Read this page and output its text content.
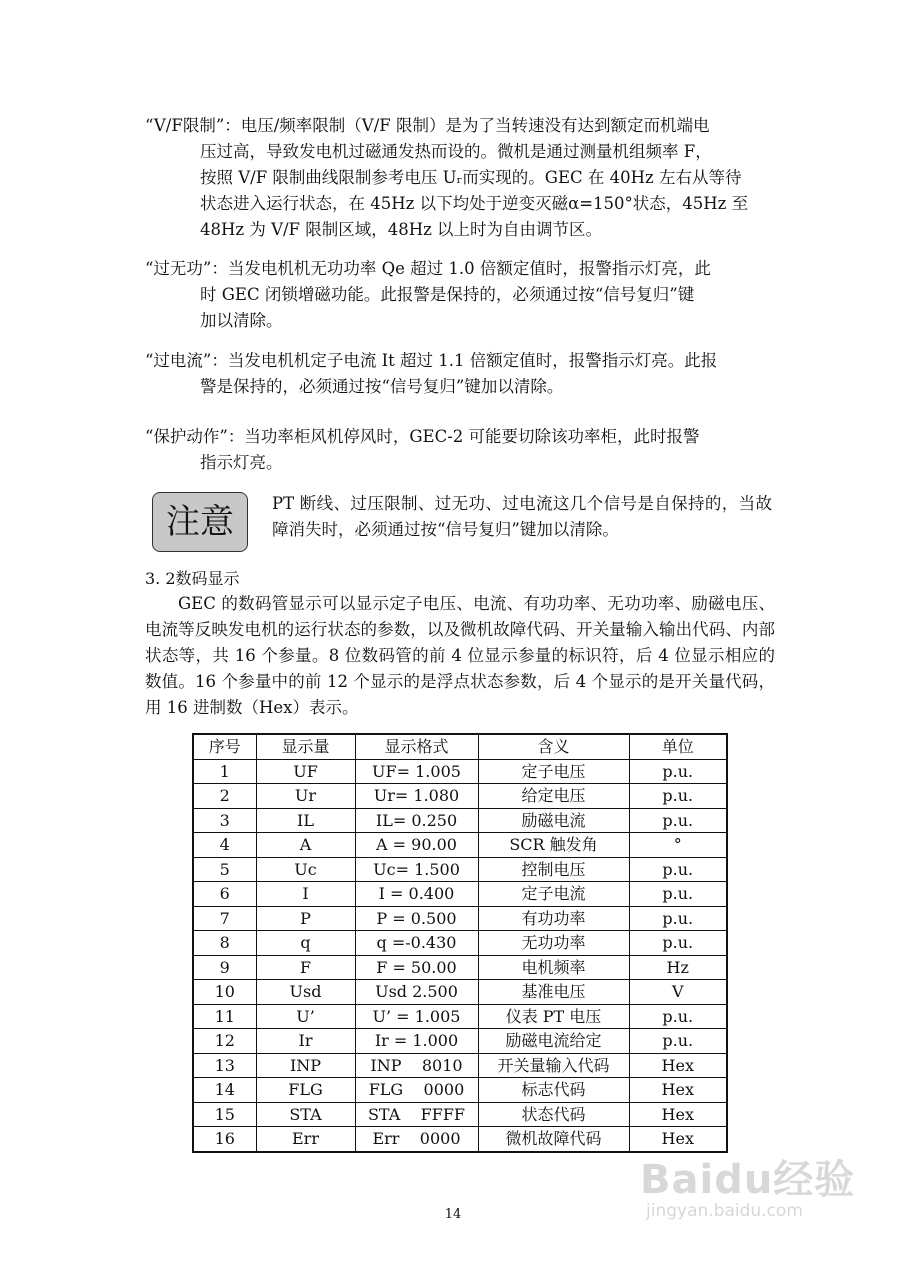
“V/F限制”：电压/频率限制（V/F 限制）是为了当转速没有达到额定而机端电
压过高，导致发电机过磁通发热而设的。微机是通过测量机组频率 F，
按照 V/F 限制曲线限制参考电压 Uᵣ而实现的。GEC 在 40Hz 左右从等待
状态进入运行状态，在 45Hz 以下均处于逆变灭磁α=150°状态，45Hz 至
48Hz 为 V/F 限制区域，48Hz 以上时为自由调节区。
“过无功”：当发电机机无功功率 Qe 超过 1.0 倍额定值时，报警指示灯亮，此
时 GEC 闭锁增磁功能。此报警是保持的，必须通过按“信号复归”键
加以清除。
“过电流”：当发电机机定子电流 It 超过 1.1 倍额定值时，报警指示灯亮。此报
警是保持的，必须通过按“信号复归”键加以清除。
“保护动作”：当功率柜风机停风时，GEC-2 可能要切除该功率柜，此时报警
指示灯亮。
注意	PT 断线、过压限制、过无功、过电流这几个信号是自保持的，当故障消失时，必须通过按“信号复归”键加以清除。
3. 2数码显示
GEC 的数码管显示可以显示定子电压、电流、有功功率、无功功率、励磁电压、电流等反映发电机的运行状态的参数，以及微机故障代码、开关量输入输出代码、内部状态等，共 16 个参量。8 位数码管的前 4 位显示参量的标识符，后 4 位显示相应的数值。16 个参量中的前 12 个显示的是浮点状态参数，后 4 个显示的是开关量代码，用 16 进制数（Hex）表示。
序号	显示量	显示格式	含义	单位
1	UF	UF= 1.005	定子电压	p.u.
2	Ur	Ur= 1.080	给定电压	p.u.
3	IL	IL= 0.250	励磁电流	p.u.
4	A	A = 90.00	SCR 触发角	°
5	Uc	Uc= 1.500	控制电压	p.u.
6	I	I = 0.400	定子电流	p.u.
7	P	P = 0.500	有功功率	p.u.
8	q	q =-0.430	无功功率	p.u.
9	F	F = 50.00	电机频率	Hz
10	Usd	Usd 2.500	基准电压	V
11	U’	U’ = 1.005	仪表 PT 电压	p.u.
12	Ir	Ir = 1.000	励磁电流给定	p.u.
13	INP	INP    8010	开关量输入代码	Hex
14	FLG	FLG    0000	标志代码	Hex
15	STA	STA    FFFF	状态代码	Hex
16	Err	Err    0000	微机故障代码	Hex
14
Baidu经验
jingyan.baidu.com
